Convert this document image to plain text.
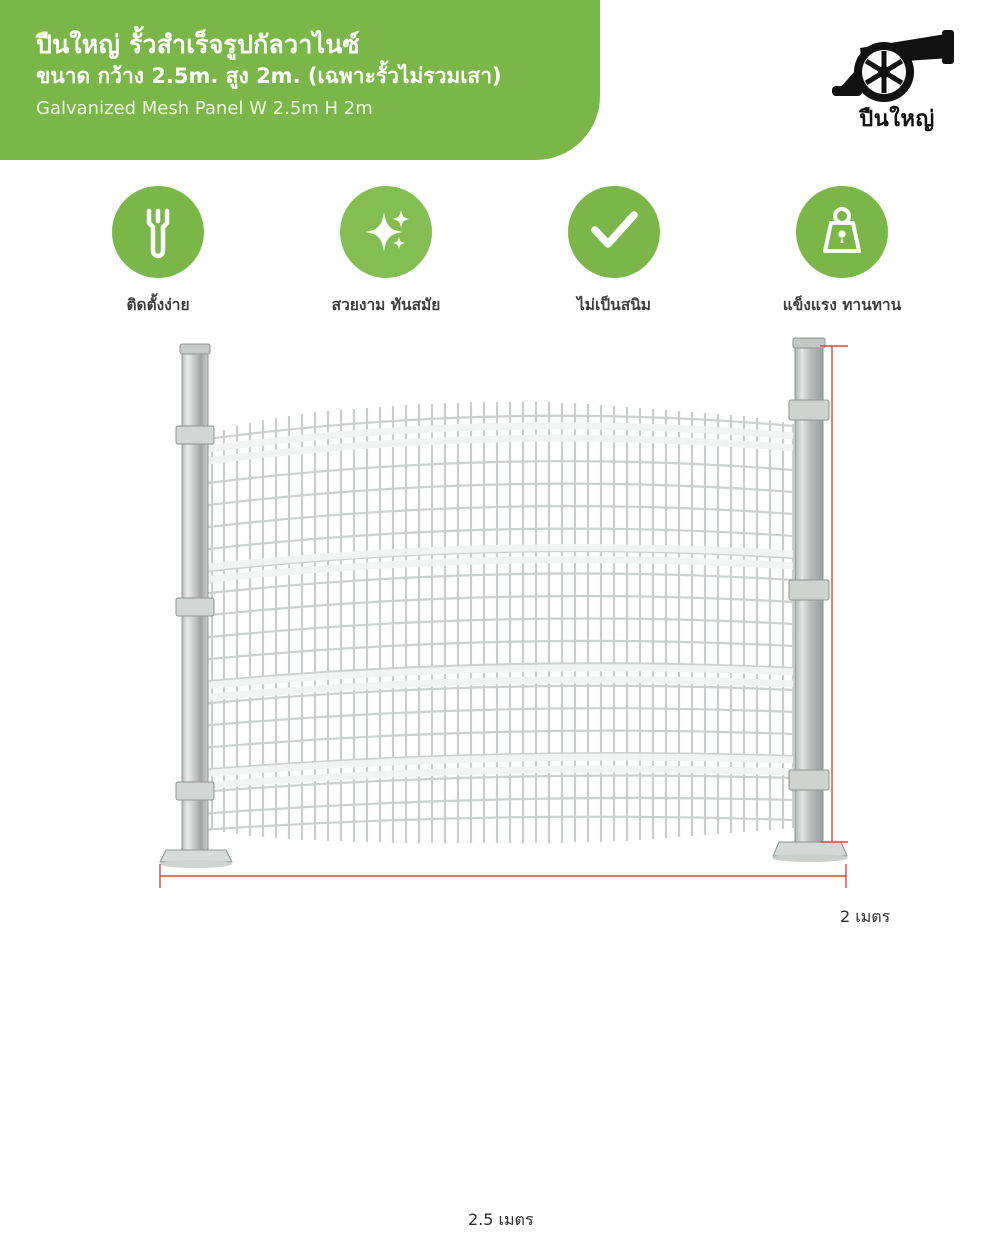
ปืนใหญ่ รั้วสำเร็จรูปกัลวาไนซ์
ขนาด กว้าง 2.5m. สูง 2m. (เฉพาะรั้วไม่รวมเสา)
Galvanized Mesh Panel W 2.5m H 2m	ปืนใหญ่
ติดตั้งง่าย	สวยงาม ทันสมัย	ไม่เป็นสนิม	แข็งแรง ทานทาน
2 เมตร
2.5 เมตร
